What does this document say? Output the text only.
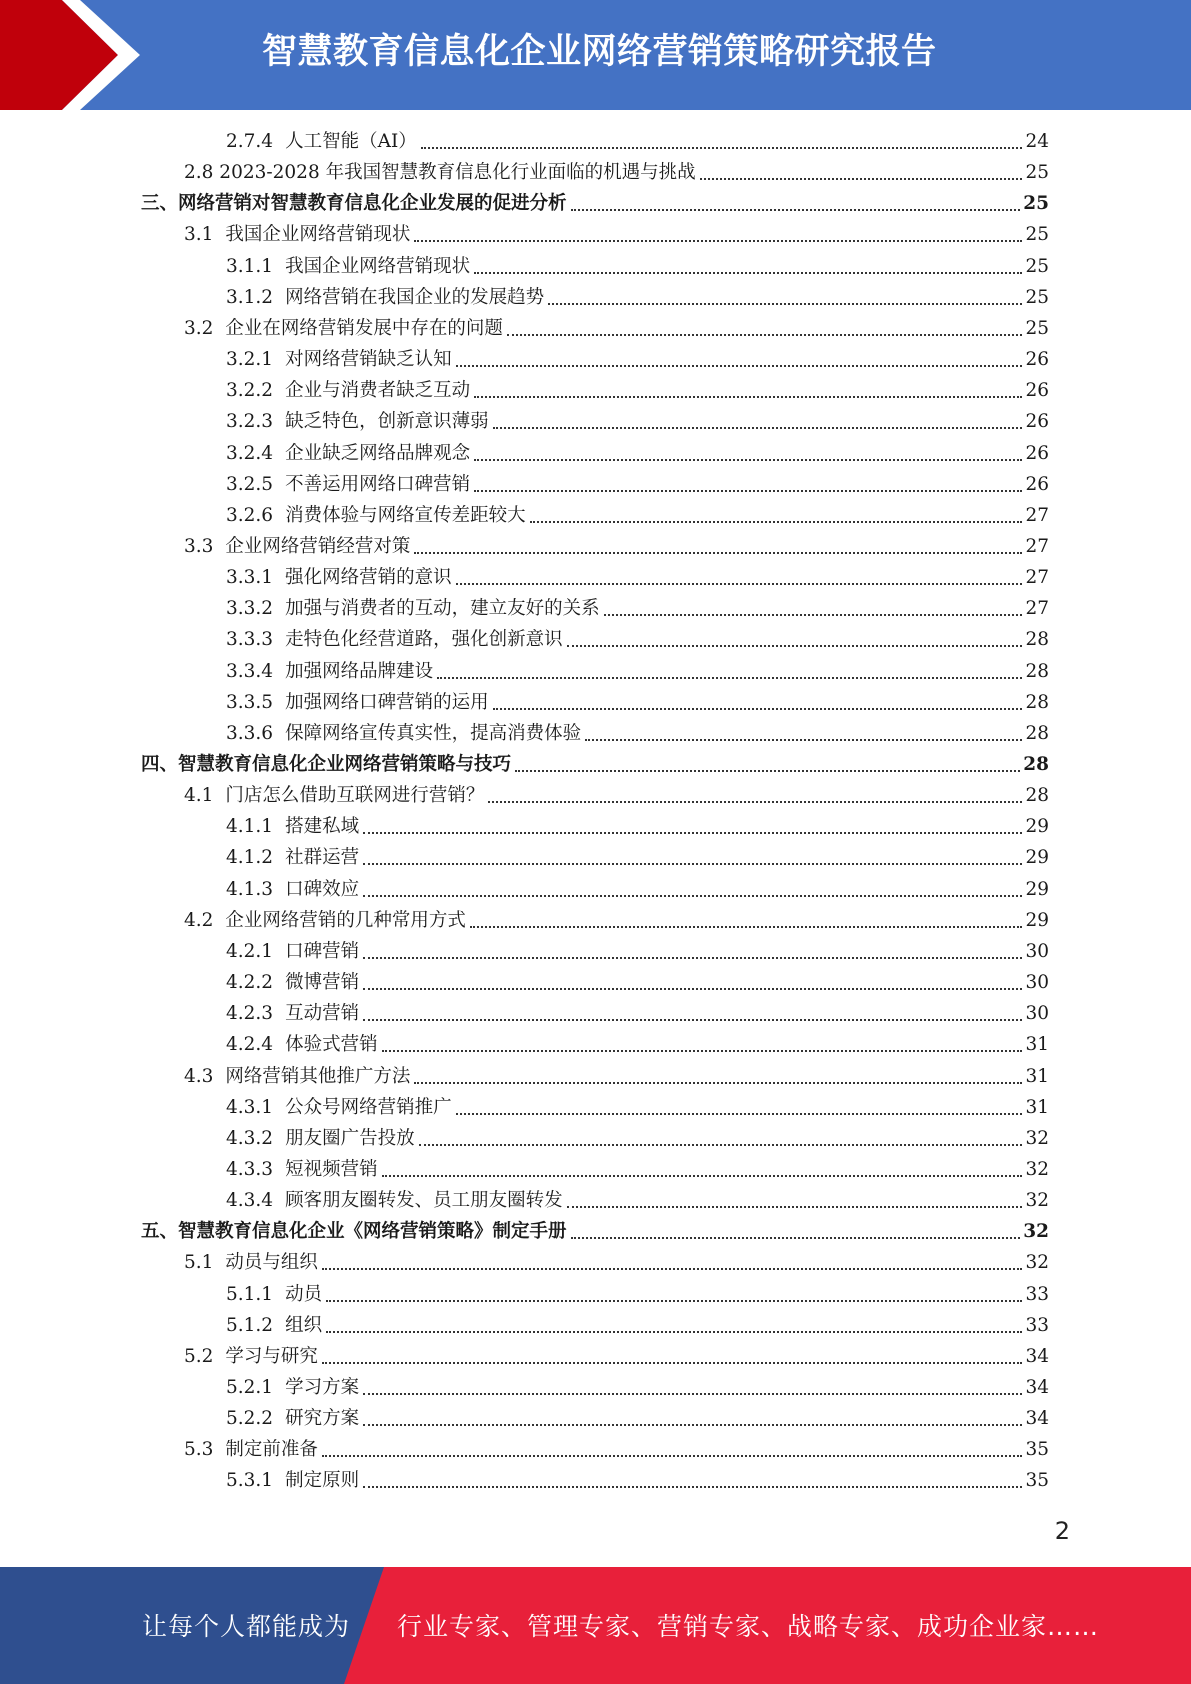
智慧教育信息化企业网络营销策略研究报告
2.7.4 人工智能（AI）	24
2.8 2023-2028 年我国智慧教育信息化行业面临的机遇与挑战	25
三、网络营销对智慧教育信息化企业发展的促进分析	25
3.1 我国企业网络营销现状	25
3.1.1 我国企业网络营销现状	25
3.1.2 网络营销在我国企业的发展趋势	25
3.2 企业在网络营销发展中存在的问题	25
3.2.1 对网络营销缺乏认知	26
3.2.2 企业与消费者缺乏互动	26
3.2.3 缺乏特色，创新意识薄弱	26
3.2.4 企业缺乏网络品牌观念	26
3.2.5 不善运用网络口碑营销	26
3.2.6 消费体验与网络宣传差距较大	27
3.3 企业网络营销经营对策	27
3.3.1 强化网络营销的意识	27
3.3.2 加强与消费者的互动，建立友好的关系	27
3.3.3 走特色化经营道路，强化创新意识	28
3.3.4 加强网络品牌建设	28
3.3.5 加强网络口碑营销的运用	28
3.3.6 保障网络宣传真实性，提高消费体验	28
四、智慧教育信息化企业网络营销策略与技巧	28
4.1 门店怎么借助互联网进行营销？	28
4.1.1 搭建私域	29
4.1.2 社群运营	29
4.1.3 口碑效应	29
4.2 企业网络营销的几种常用方式	29
4.2.1 口碑营销	30
4.2.2 微博营销	30
4.2.3 互动营销	30
4.2.4 体验式营销	31
4.3 网络营销其他推广方法	31
4.3.1 公众号网络营销推广	31
4.3.2 朋友圈广告投放	32
4.3.3 短视频营销	32
4.3.4 顾客朋友圈转发、员工朋友圈转发	32
五、智慧教育信息化企业《网络营销策略》制定手册	32
5.1 动员与组织	32
5.1.1 动员	33
5.1.2 组织	33
5.2 学习与研究	34
5.2.1 学习方案	34
5.2.2 研究方案	34
5.3 制定前准备	35
5.3.1 制定原则	35
2
让每个人都能成为 行业专家、管理专家、营销专家、战略专家、成功企业家……
